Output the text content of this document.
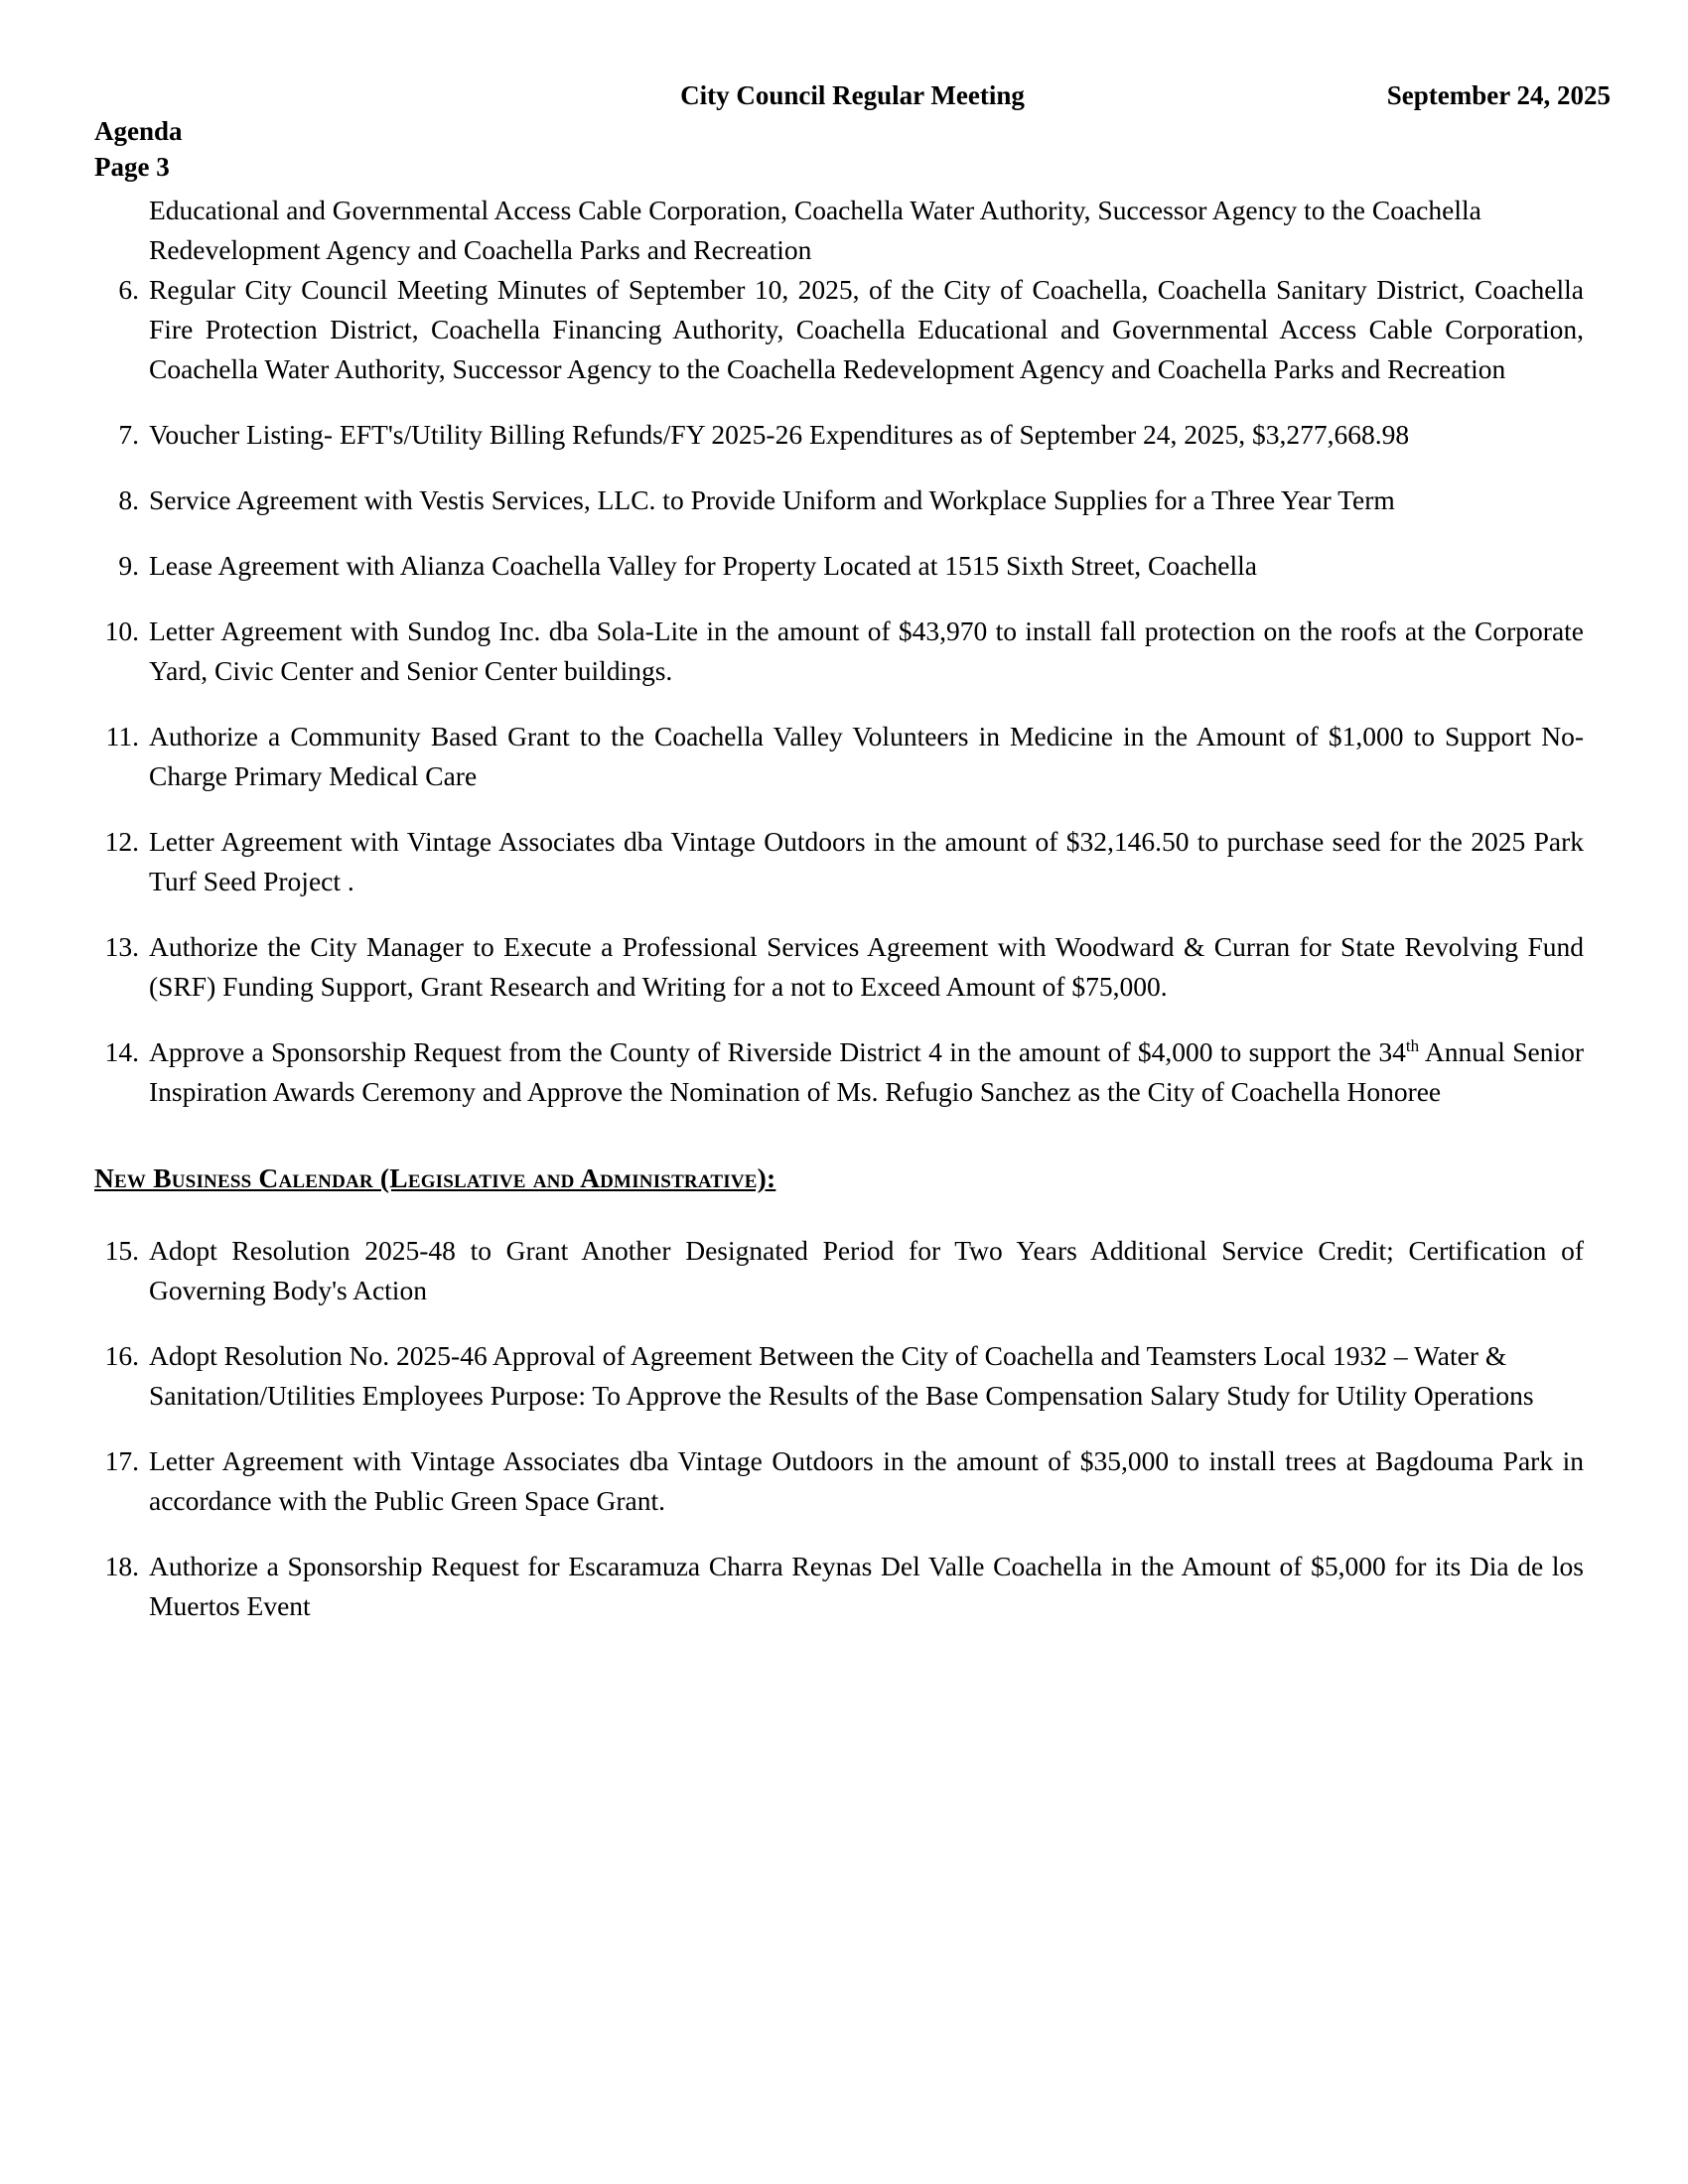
Agenda

Page 3

City Council Regular Meeting	September 24, 2025

Educational and Governmental Access Cable Corporation, Coachella Water Authority, Successor Agency to the Coachella Redevelopment Agency and Coachella Parks and Recreation

6. Regular City Council Meeting Minutes of September 10, 2025, of the City of Coachella, Coachella Sanitary District, Coachella Fire Protection District, Coachella Financing Authority, Coachella Educational and Governmental Access Cable Corporation, Coachella Water Authority, Successor Agency to the Coachella Redevelopment Agency and Coachella Parks and Recreation
7. Voucher Listing- EFT's/Utility Billing Refunds/FY 2025-26 Expenditures as of September 24, 2025, $3,277,668.98
8. Service Agreement with Vestis Services, LLC. to Provide Uniform and Workplace Supplies for a Three Year Term
9. Lease Agreement with Alianza Coachella Valley for Property Located at 1515 Sixth Street, Coachella
10. Letter Agreement with Sundog Inc. dba Sola-Lite in the amount of $43,970 to install fall protection on the roofs at the Corporate Yard, Civic Center and Senior Center buildings.
11. Authorize a Community Based Grant to the Coachella Valley Volunteers in Medicine in the Amount of $1,000 to Support No-Charge Primary Medical Care
12. Letter Agreement with Vintage Associates dba Vintage Outdoors in the amount of $32,146.50 to purchase seed for the 2025 Park Turf Seed Project .
13. Authorize the City Manager to Execute a Professional Services Agreement with Woodward & Curran for State Revolving Fund (SRF) Funding Support, Grant Research and Writing for a not to Exceed Amount of $75,000.
14. Approve a Sponsorship Request from the County of Riverside District 4 in the amount of $4,000 to support the 34th Annual Senior Inspiration Awards Ceremony and Approve the Nomination of Ms. Refugio Sanchez as the City of Coachella Honoree
New Business Calendar (Legislative and Administrative):
15. Adopt Resolution 2025-48 to Grant Another Designated Period for Two Years Additional Service Credit; Certification of Governing Body's Action
16. Adopt Resolution No. 2025-46 Approval of Agreement Between the City of Coachella and Teamsters Local 1932 – Water & Sanitation/Utilities Employees Purpose: To Approve the Results of the Base Compensation Salary Study for Utility Operations
17. Letter Agreement with Vintage Associates dba Vintage Outdoors in the amount of $35,000 to install trees at Bagdouma Park in accordance with the Public Green Space Grant.
18. Authorize a Sponsorship Request for Escaramuza Charra Reynas Del Valle Coachella in the Amount of $5,000 for its Dia de los Muertos Event
